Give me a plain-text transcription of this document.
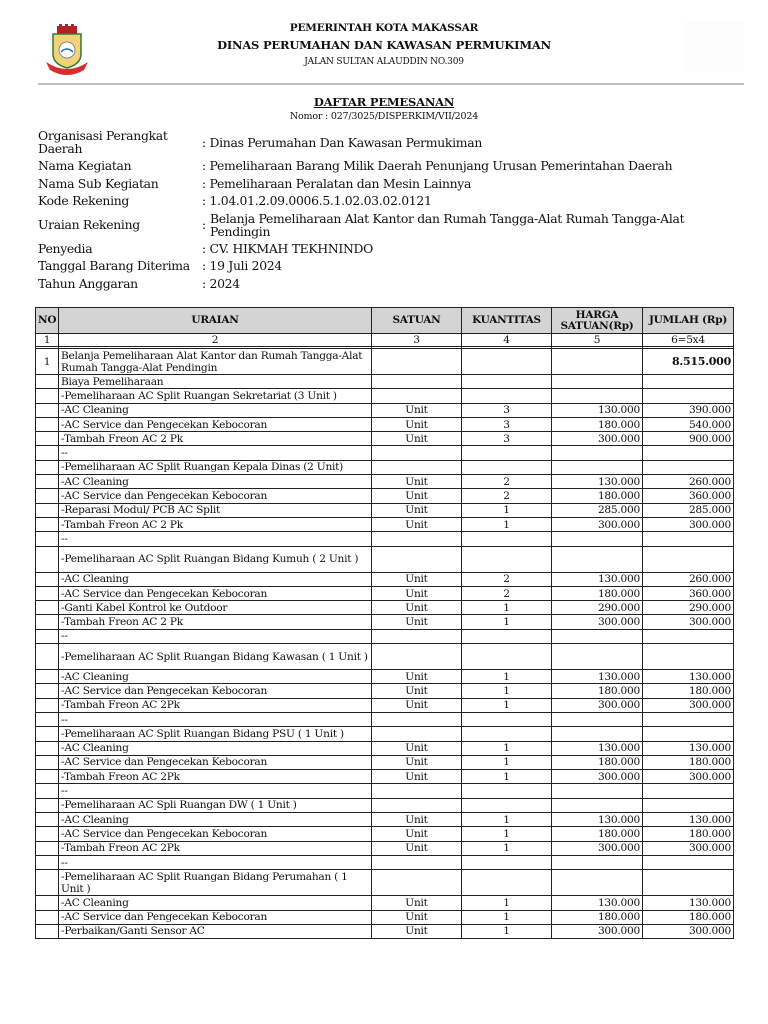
PEMERINTAH KOTA MAKASSAR
DINAS PERUMAHAN DAN KAWASAN PERMUKIMAN
JALAN SULTAN ALAUDDIN NO.309
DAFTAR PEMESANAN
Nomor : 027/3025/DISPERKIM/VII/2024
Organisasi Perangkat Daerah	: Dinas Perumahan Dan Kawasan Permukiman	
Nama Kegiatan	: Pemeliharaan Barang Milik Daerah Penunjang Urusan Pemerintahan Daerah	
Nama Sub Kegiatan	: Pemeliharaan Peralatan dan Mesin Lainnya	
Kode Rekening	: 1.04.01.2.09.0006.5.1.02.03.02.0121	
Uraian Rekening	:	Belanja Pemeliharaan Alat Kantor dan Rumah Tangga-Alat Rumah Tangga-Alat Pendingin
Penyedia	: CV. HIKMAH TEKHNINDO	
Tanggal Barang Diterima	: 19 Juli 2024	
Tahun Anggaran	: 2024	
NO	URAIAN	SATUAN	KUANTITAS	HARGA SATUAN(Rp)	JUMLAH (Rp)
1	2	3	4	5	6=5x4

1	Belanja Pemeliharaan Alat Kantor dan Rumah Tangga-Alat Rumah Tangga-Alat Pendingin				8.515.000
	Biaya Pemeliharaan				
	-Pemeliharaan AC Split Ruangan Sekretariat (3 Unit )				
	-AC Cleaning	Unit	3	130.000	390.000
	-AC Service dan Pengecekan Kebocoran	Unit	3	180.000	540.000
	-Tambah Freon AC 2 Pk	Unit	3	300.000	900.000
	--				
	-Pemeliharaan AC Split Ruangan Kepala Dinas (2 Unit)				
	-AC Cleaning	Unit	2	130.000	260.000
	-AC Service dan Pengecekan Kebocoran	Unit	2	180.000	360.000
	-Reparasi Modul/ PCB AC Split	Unit	1	285.000	285.000
	-Tambah Freon AC 2 Pk	Unit	1	300.000	300.000
	--				
	-Pemeliharaan AC Split Ruangan Bidang Kumuh ( 2 Unit )				
	-AC Cleaning	Unit	2	130.000	260.000
	-AC Service dan Pengecekan Kebocoran	Unit	2	180.000	360.000
	-Ganti Kabel Kontrol ke Outdoor	Unit	1	290.000	290.000
	-Tambah Freon AC 2 Pk	Unit	1	300.000	300.000
	--				
	-Pemeliharaan AC Split Ruangan Bidang Kawasan ( 1 Unit )				
	-AC Cleaning	Unit	1	130.000	130.000
	-AC Service dan Pengecekan Kebocoran	Unit	1	180.000	180.000
	-Tambah Freon AC 2Pk	Unit	1	300.000	300.000
	--				
	-Pemeliharaan AC Split Ruangan Bidang PSU ( 1 Unit )				
	-AC Cleaning	Unit	1	130.000	130.000
	-AC Service dan Pengecekan Kebocoran	Unit	1	180.000	180.000
	-Tambah Freon AC 2Pk	Unit	1	300.000	300.000
	--				
	-Pemeliharaan AC Spli Ruangan DW ( 1 Unit )				
	-AC Cleaning	Unit	1	130.000	130.000
	-AC Service dan Pengecekan Kebocoran	Unit	1	180.000	180.000
	-Tambah Freon AC 2Pk	Unit	1	300.000	300.000
	--				
	-Pemeliharaan AC Split Ruangan Bidang Perumahan ( 1 Unit )				
	-AC Cleaning	Unit	1	130.000	130.000
	-AC Service dan Pengecekan Kebocoran	Unit	1	180.000	180.000
	-Perbaikan/Ganti Sensor AC	Unit	1	300.000	300.000
